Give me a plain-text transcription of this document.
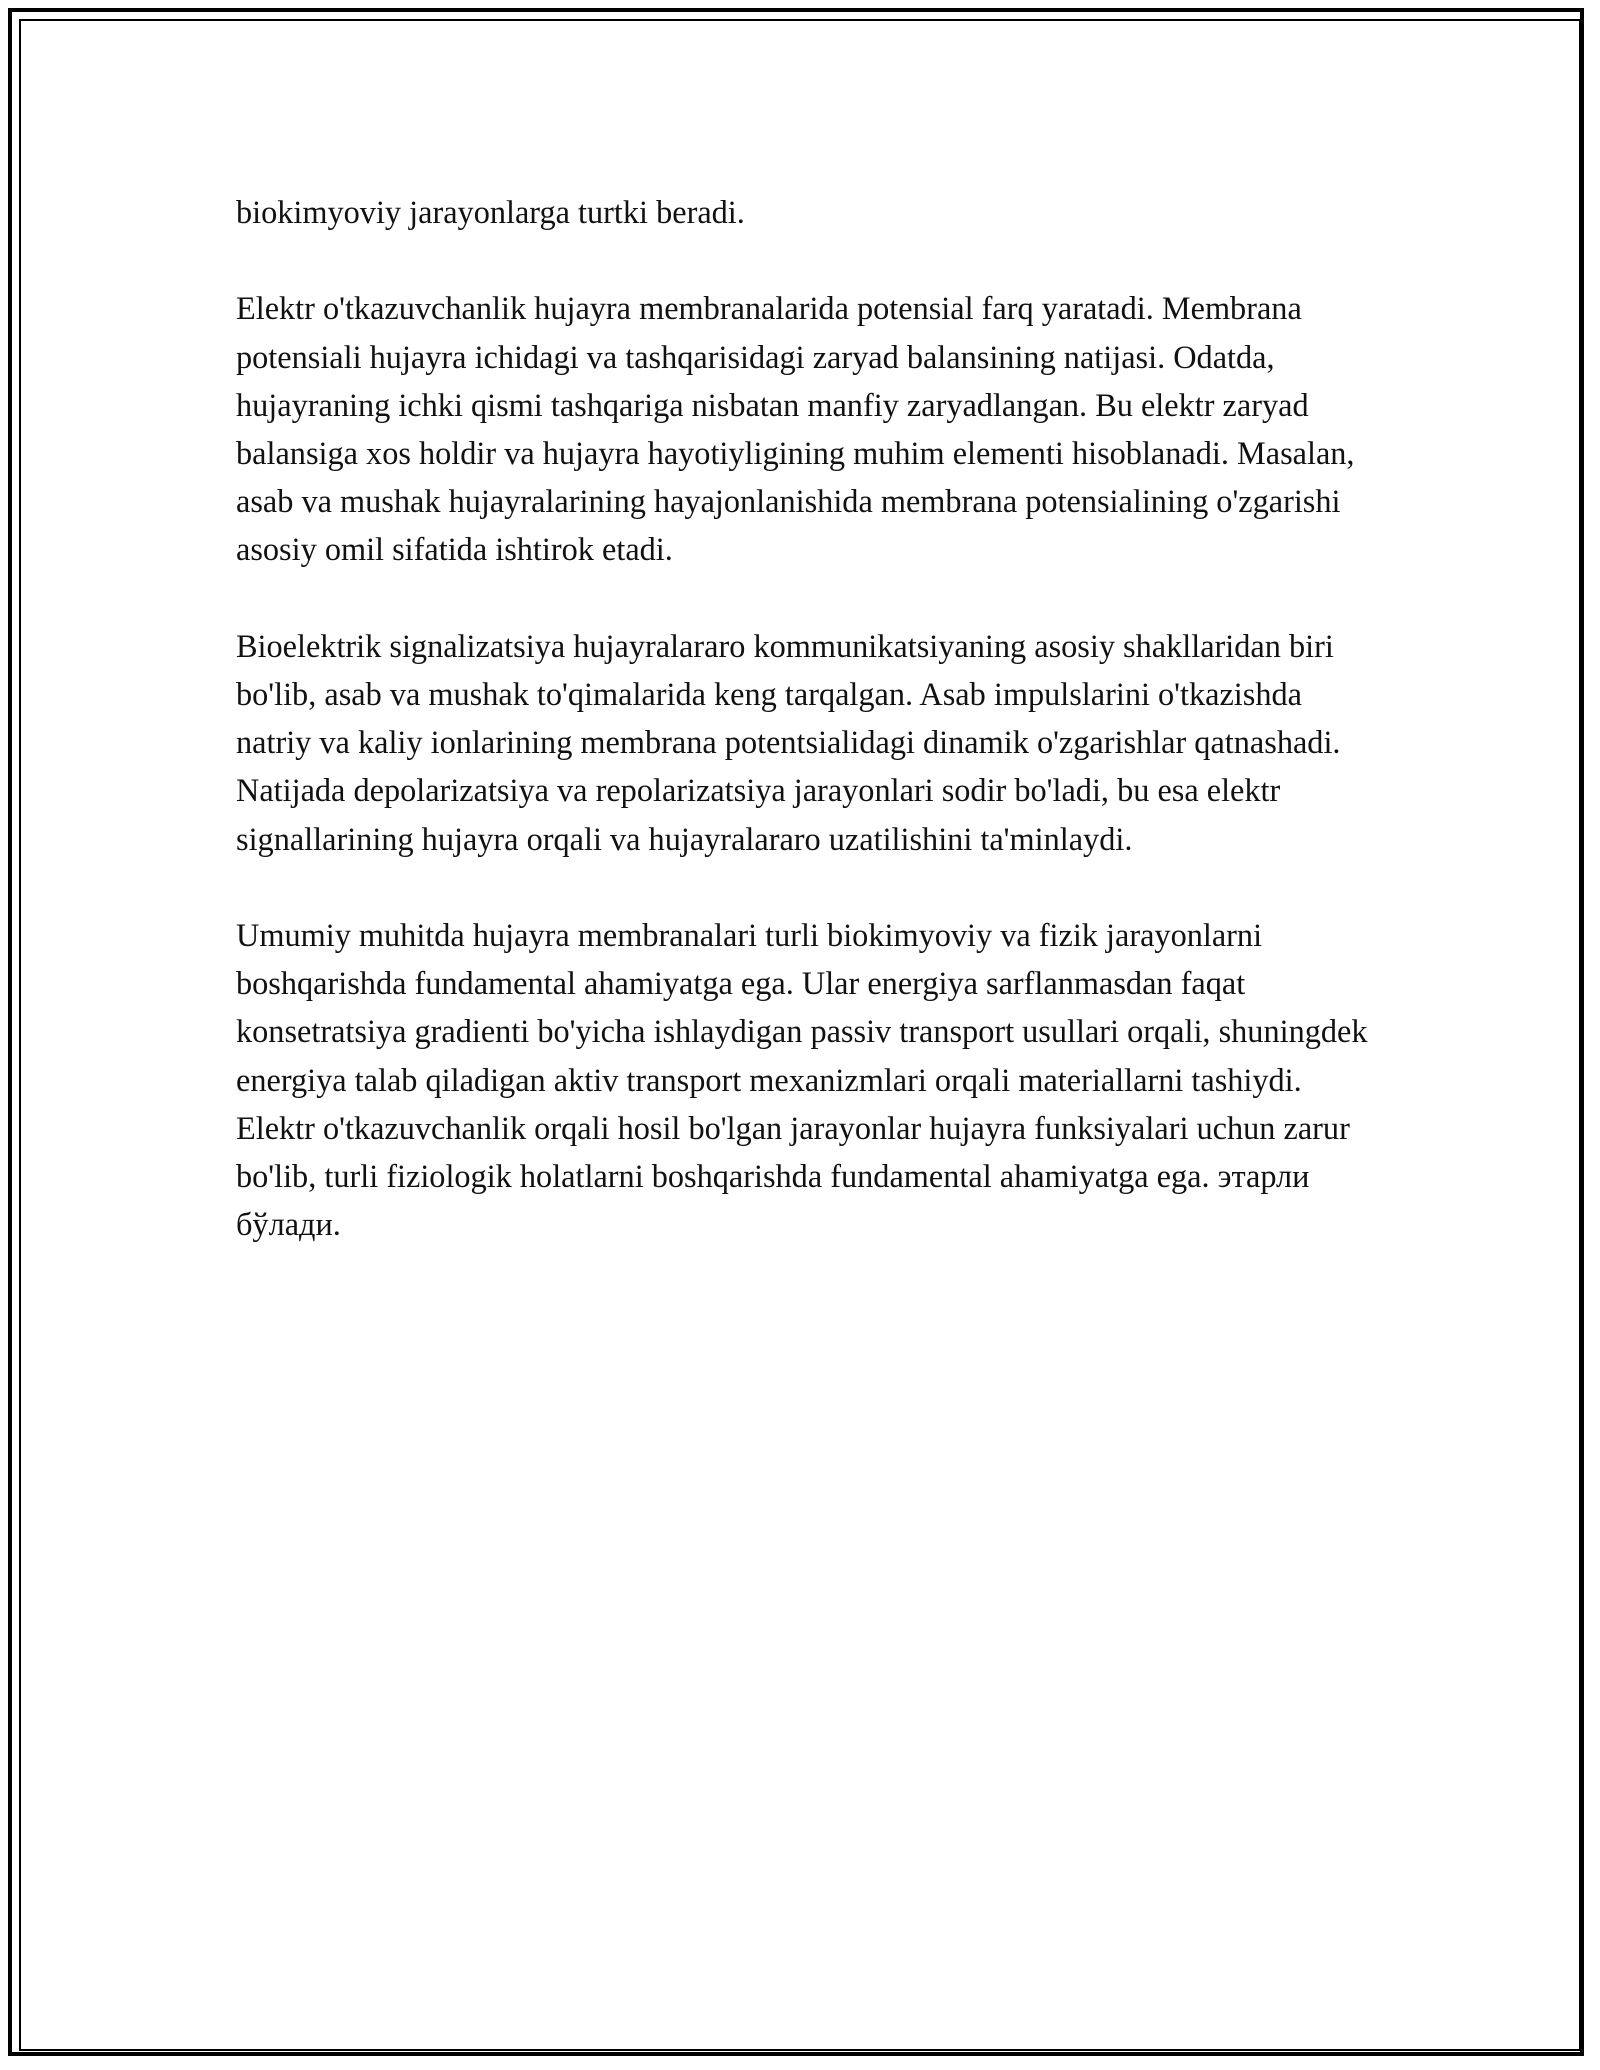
biokimyoviy jarayonlarga turtki beradi.

Elektr o'tkazuvchanlik hujayra membranalarida potensial farq yaratadi. Membrana potensiali hujayra ichidagi va tashqarisidagi zaryad balansining natijasi. Odatda, hujayraning ichki qismi tashqariga nisbatan manfiy zaryadlangan. Bu elektr zaryad balansiga xos holdir va hujayra hayotiyligining muhim elementi hisoblanadi. Masalan, asab va mushak hujayralarining hayajonlanishida membrana potensialining o'zgarishi asosiy omil sifatida ishtirok etadi.

Bioelektrik signalizatsiya hujayralararo kommunikatsiyaning asosiy shakllaridan biri bo'lib, asab va mushak to'qimalarida keng tarqalgan. Asab impulslarini o'tkazishda natriy va kaliy ionlarining membrana potentsialidagi dinamik o'zgarishlar qatnashadi. Natijada depolarizatsiya va repolarizatsiya jarayonlari sodir bo'ladi, bu esa elektr signallarining hujayra orqali va hujayralararo uzatilishini ta'minlaydi.

Umumiy muhitda hujayra membranalari turli biokimyoviy va fizik jarayonlarni boshqarishda fundamental ahamiyatga ega. Ular energiya sarflanmasdan faqat konsetratsiya gradienti bo'yicha ishlaydigan passiv transport usullari orqali, shuningdek energiya talab qiladigan aktiv transport mexanizmlari orqali materiallarni tashiydi. Elektr o'tkazuvchanlik orqali hosil bo'lgan jarayonlar hujayra funksiyalari uchun zarur bo'lib, turli fiziologik holatlarni boshqarishda fundamental ahamiyatga ega. этарли бўлади.
